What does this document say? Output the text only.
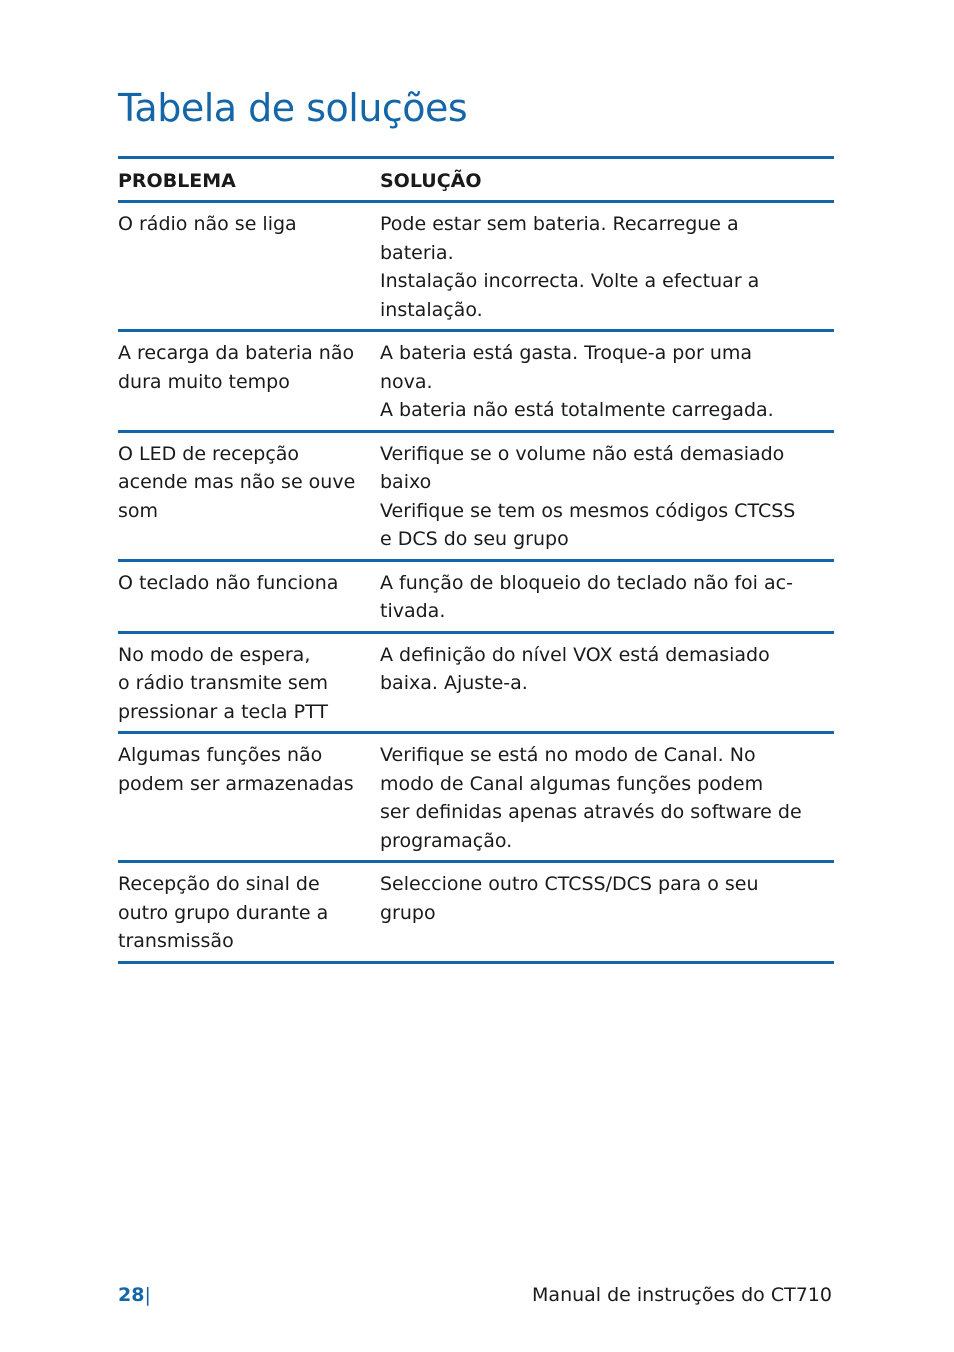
Tabela de soluções
PROBLEMA	SOLUÇÃO

O rádio não se liga	Pode estar sem bateria. Recarregue a
bateria.
Instalação incorrecta. Volte a efectuar a
instalação.

A recarga da bateria não
dura muito tempo	A bateria está gasta. Troque-a por uma
nova.
A bateria não está totalmente carregada.

O LED de recepção
acende mas não se ouve
som	Verifique se o volume não está demasiado
baixo
Verifique se tem os mesmos códigos CTCSS
e DCS do seu grupo

O teclado não funciona	A função de bloqueio do teclado não foi ac-
tivada.

No modo de espera,
o rádio transmite sem
pressionar a tecla PTT	A definição do nível VOX está demasiado
baixa. Ajuste-a.

Algumas funções não
podem ser armazenadas	Verifique se está no modo de Canal. No
modo de Canal algumas funções podem
ser definidas apenas através do software de
programação.

Recepção do sinal de
outro grupo durante a
transmissão	Seleccione outro CTCSS/DCS para o seu
grupo
28|	Manual de instruções do CT710
